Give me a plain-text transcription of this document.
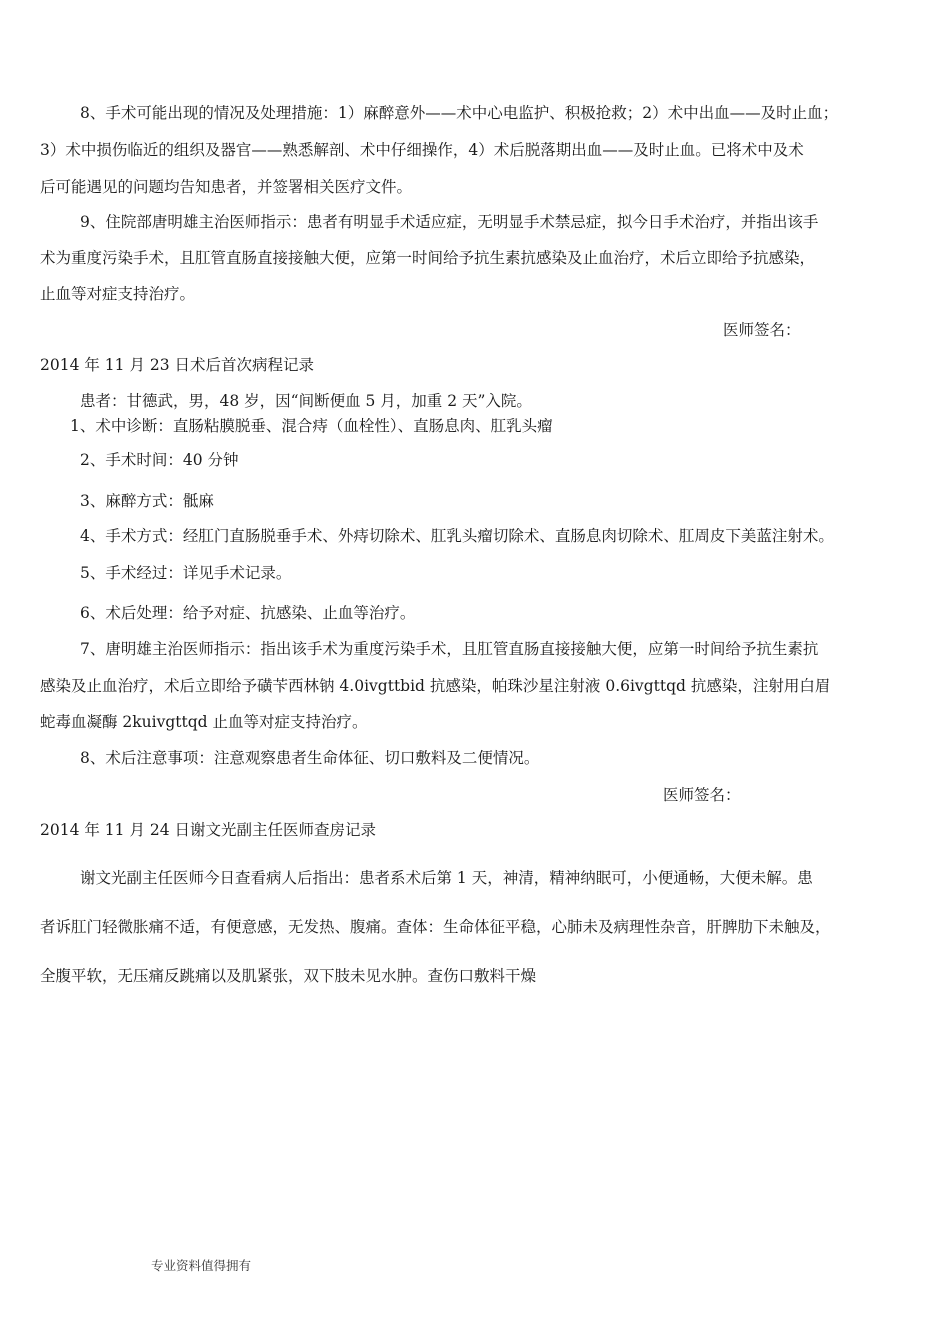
8、手术可能出现的情况及处理措施：1）麻醉意外——术中心电监护、积极抢救；2）术中出血——及时止血；
3）术中损伤临近的组织及器官——熟悉解剖、术中仔细操作，4）术后脱落期出血——及时止血。已将术中及术
后可能遇见的问题均告知患者，并签署相关医疗文件。
9、住院部唐明雄主治医师指示：患者有明显手术适应症，无明显手术禁忌症，拟今日手术治疗，并指出该手
术为重度污染手术，且肛管直肠直接接触大便，应第一时间给予抗生素抗感染及止血治疗，术后立即给予抗感染，
止血等对症支持治疗。
医师签名：
2014 年 11 月 23 日术后首次病程记录
患者：甘德武，男，48 岁，因“间断便血 5 月，加重 2 天”入院。
1、术中诊断：直肠粘膜脱垂、混合痔（血栓性）、直肠息肉、肛乳头瘤
2、手术时间：40 分钟
3、麻醉方式：骶麻
4、手术方式：经肛门直肠脱垂手术、外痔切除术、肛乳头瘤切除术、直肠息肉切除术、肛周皮下美蓝注射术。
5、手术经过：详见手术记录。
6、术后处理：给予对症、抗感染、止血等治疗。
7、唐明雄主治医师指示：指出该手术为重度污染手术，且肛管直肠直接接触大便，应第一时间给予抗生素抗
感染及止血治疗，术后立即给予磺苄西林钠 4.0ivgttbid 抗感染，帕珠沙星注射液 0.6ivgttqd 抗感染，注射用白眉
蛇毒血凝酶 2kuivgttqd 止血等对症支持治疗。
8、术后注意事项：注意观察患者生命体征、切口敷料及二便情况。
医师签名：
2014 年 11 月 24 日谢文光副主任医师查房记录
谢文光副主任医师今日查看病人后指出：患者系术后第 1 天，神清，精神纳眠可，小便通畅，大便未解。患
者诉肛门轻微胀痛不适，有便意感，无发热、腹痛。查体：生命体征平稳，心肺未及病理性杂音，肝脾肋下未触及，
全腹平软，无压痛反跳痛以及肌紧张，双下肢未见水肿。查伤口敷料干燥
专业资料值得拥有
